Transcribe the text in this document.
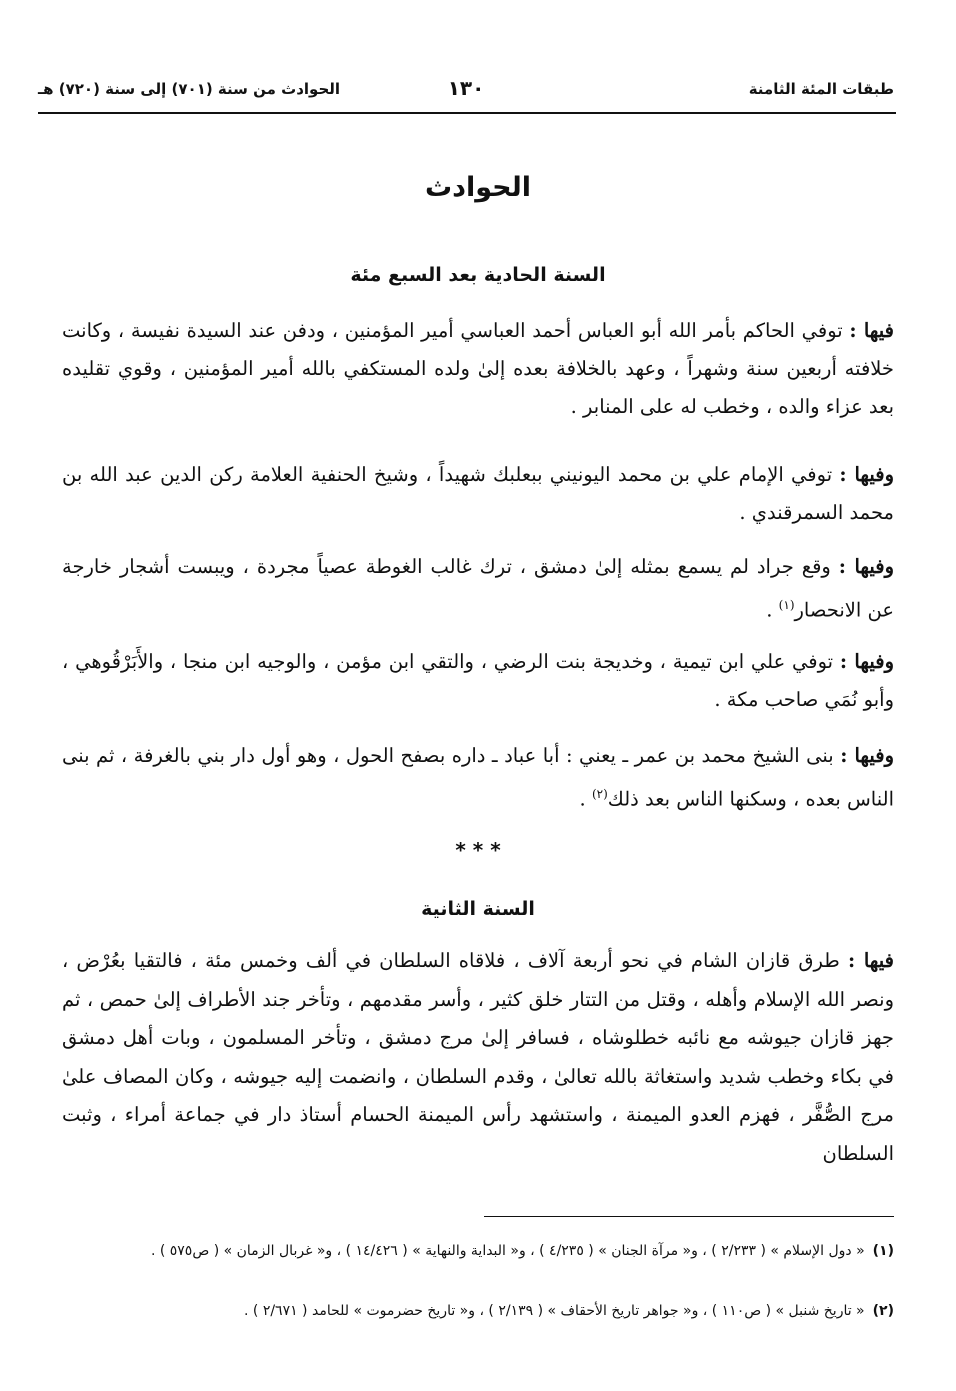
طبقات المئة الثامنة
١٣٠
الحوادث من سنة (٧٠١) إلى سنة (٧٢٠) هـ
الحوادث
السنة الحادية بعد السبع مئة
فيها : توفي الحاكم بأمر الله أبو العباس أحمد العباسي أمير المؤمنين ، ودفن عند السيدة نفيسة ، وكانت خلافته أربعين سنة وشهراً ، وعهد بالخلافة بعده إلىٰ ولده المستكفي بالله أمير المؤمنين ، وقوي تقليده بعد عزاء والده ، وخطب له على المنابر .
وفيها : توفي الإمام علي بن محمد اليونيني ببعلبك شهيداً ، وشيخ الحنفية العلامة ركن الدين عبد الله بن محمد السمرقندي .
وفيها : وقع جراد لم يسمع بمثله إلىٰ دمشق ، ترك غالب الغوطة عصياً مجردة ، ويبست أشجار خارجة عن الانحصار$^{(١)}$ .
وفيها : توفي علي ابن تيمية ، وخديجة بنت الرضي ، والتقي ابن مؤمن ، والوجيه ابن منجا ، والأَبَرْقُوهي ، وأبو نُمَي صاحب مكة .
وفيها : بنى الشيخ محمد بن عمر ـ يعني : أبا عباد ـ داره بصفح الحول ، وهو أول دار بني بالغرفة ، ثم بنى الناس بعده ، وسكنها الناس بعد ذلك$^{(٢)}$ .
* * *
السنة الثانية
فيها : طرق قازان الشام في نحو أربعة آلاف ، فلاقاه السلطان في ألف وخمس مئة ، فالتقيا بعُرْض ، ونصر الله الإسلام وأهله ، وقتل من التتار خلق كثير ، وأسر مقدمهم ، وتأخر جند الأطراف إلىٰ حمص ، ثم جهز قازان جيوشه مع نائبه خطلوشاه ، فسافر إلىٰ مرج دمشق ، وتأخر المسلمون ، وبات أهل دمشق في بكاء وخطب شديد واستغاثة بالله تعالىٰ ، وقدم السلطان ، وانضمت إليه جيوشه ، وكان المصاف علىٰ مرج الصُّفَّر ، فهزم العدو الميمنة ، واستشهد رأس الميمنة الحسام أستاذ دار في جماعة أمراء ، وثبت السلطان
(١)« دول الإسلام » ( ٢/٢٣٣ ) ، و« مرآة الجنان » ( ٤/٢٣٥ ) ، و« البداية والنهاية » ( ١٤/٤٢٦ ) ، و« غربال الزمان » ( ص٥٧٥ ) .
(٢)« تاريخ شنبل » ( ص١١٠ ) ، و« جواهر تاريخ الأحقاف » ( ٢/١٣٩ ) ، و« تاريخ حضرموت » للحامد ( ٢/٦٧١ ) .
